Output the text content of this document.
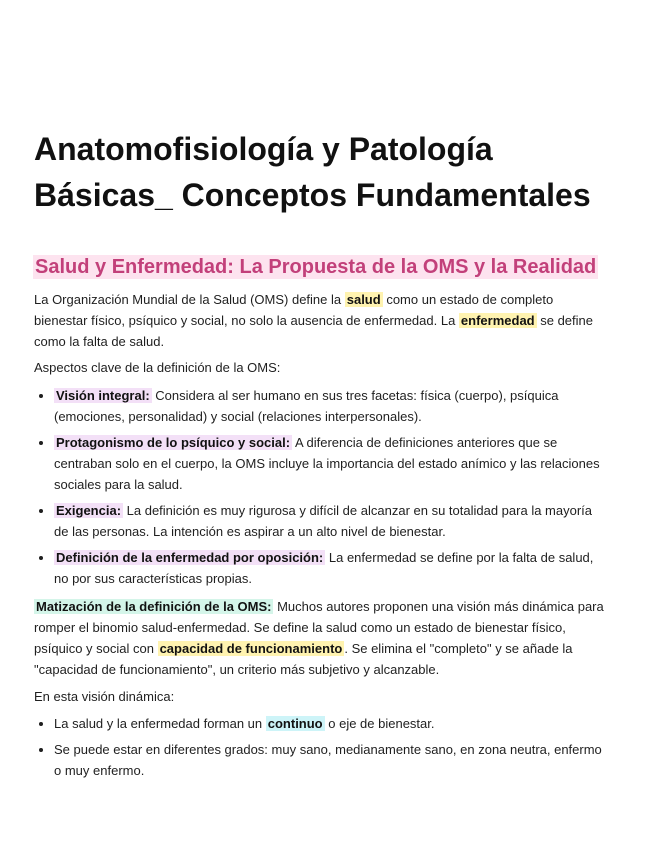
Anatomofisiología y Patología
Básicas_ Conceptos Fundamentales
Salud y Enfermedad: La Propuesta de la OMS y la Realidad

La Organización Mundial de la Salud (OMS) define la salud como un estado de completo bienestar físico, psíquico y social, no solo la ausencia de enfermedad. La enfermedad se define como la falta de salud.

Aspectos clave de la definición de la OMS:

• Visión integral: Considera al ser humano en sus tres facetas: física (cuerpo), psíquica (emociones, personalidad) y social (relaciones interpersonales).
• Protagonismo de lo psíquico y social: A diferencia de definiciones anteriores que se centraban solo en el cuerpo, la OMS incluye la importancia del estado anímico y las relaciones sociales para la salud.
• Exigencia: La definición es muy rigurosa y difícil de alcanzar en su totalidad para la mayoría de las personas. La intención es aspirar a un alto nivel de bienestar.
• Definición de la enfermedad por oposición: La enfermedad se define por la falta de salud, no por sus características propias.

Matización de la definición de la OMS: Muchos autores proponen una visión más dinámica para romper el binomio salud-enfermedad. Se define la salud como un estado de bienestar físico, psíquico y social con capacidad de funcionamiento . Se elimina el "completo" y se añade la "capacidad de funcionamiento", un criterio más subjetivo y alcanzable.

En esta visión dinámica:

• La salud y la enfermedad forman un continuo o eje de bienestar.
• Se puede estar en diferentes grados: muy sano, medianamente sano, en zona neutra, enfermo o muy enfermo.
